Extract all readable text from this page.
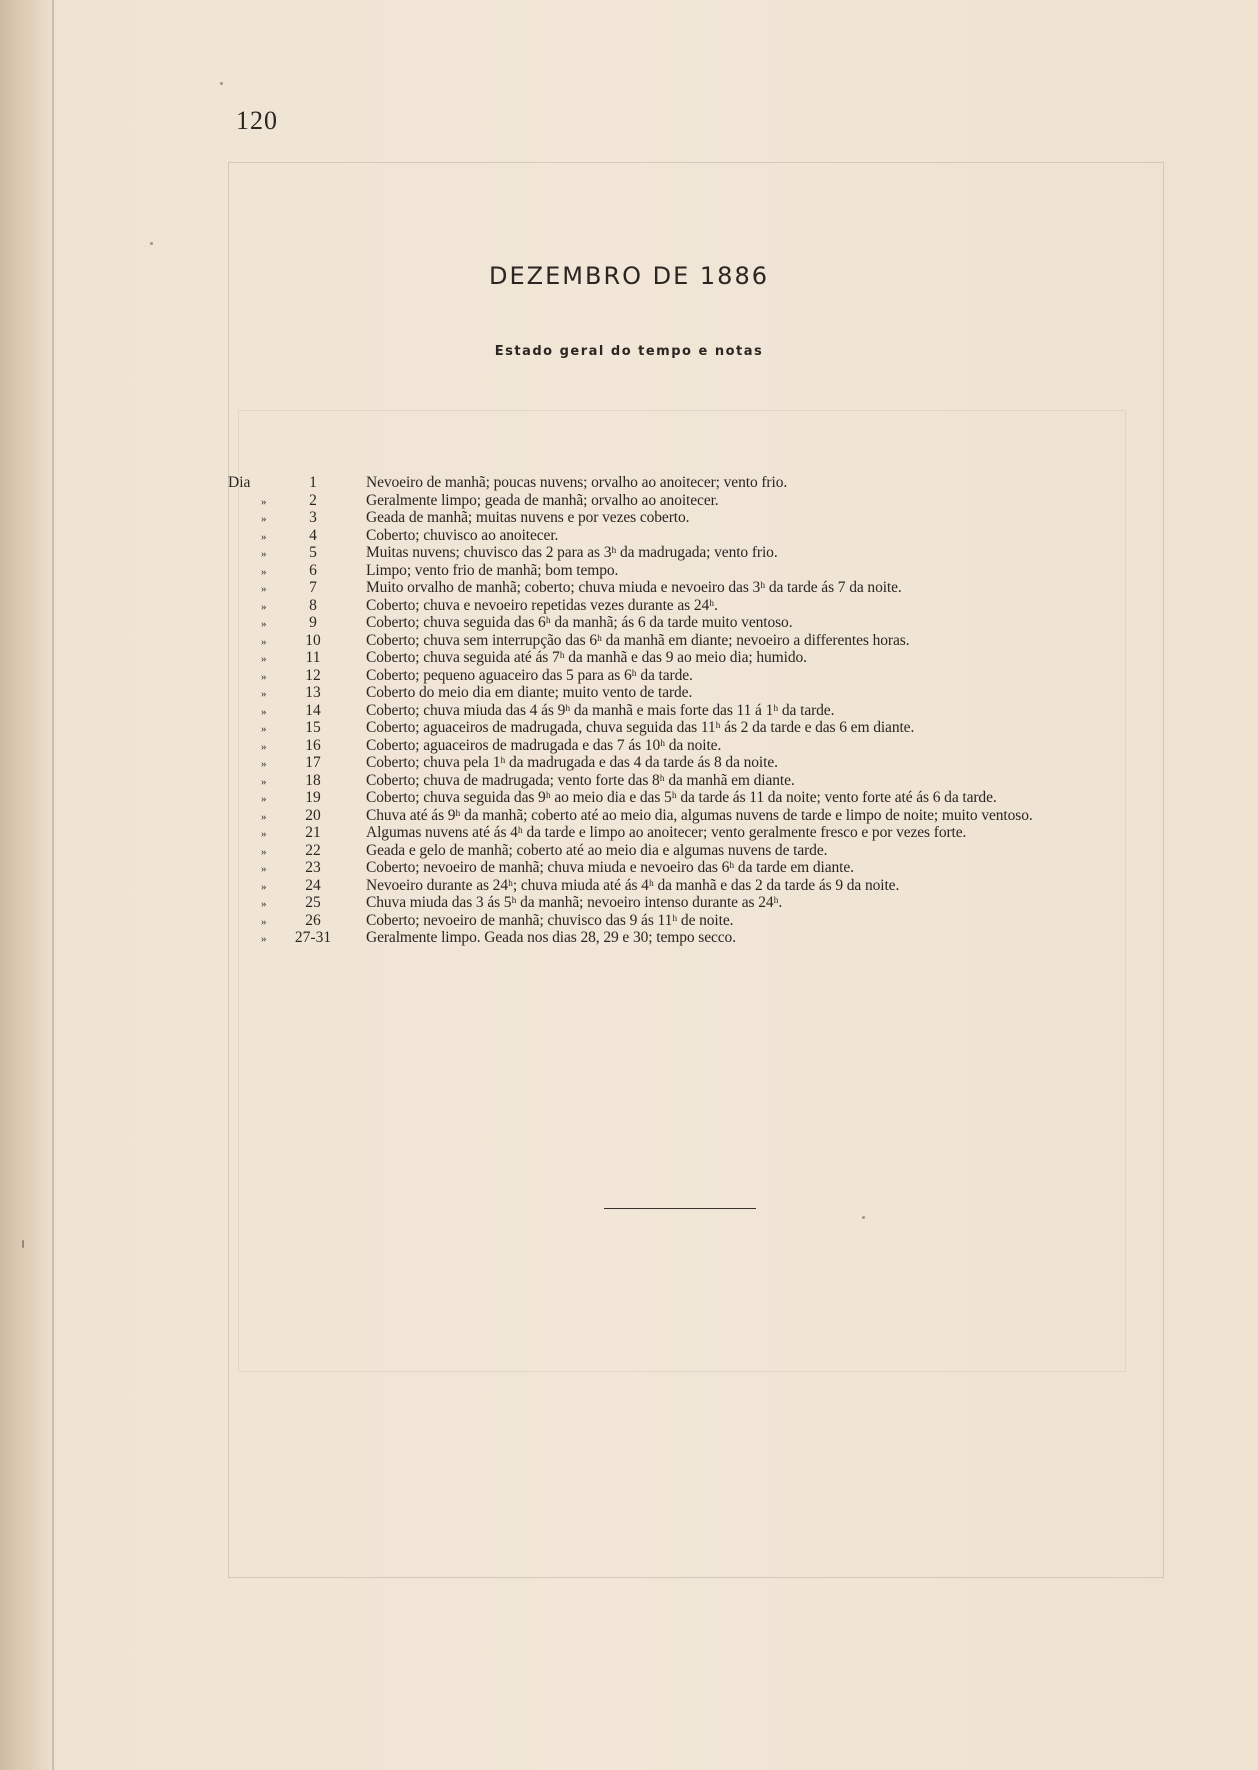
120
DEZEMBRO DE 1886
Estado geral do tempo e notas
Dia	1	Nevoeiro de manhã; poucas nuvens; orvalho ao anoitecer; vento frio.
»	2	Geralmente limpo; geada de manhã; orvalho ao anoitecer.
»	3	Geada de manhã; muitas nuvens e por vezes coberto.
»	4	Coberto; chuvisco ao anoitecer.
»	5	Muitas nuvens; chuvisco das 2 para as 3ʰ da madrugada; vento frio.
»	6	Limpo; vento frio de manhã; bom tempo.
»	7	Muito orvalho de manhã; coberto; chuva miuda e nevoeiro das 3ʰ da tarde ás 7 da noite.
»	8	Coberto; chuva e nevoeiro repetidas vezes durante as 24ʰ.
»	9	Coberto; chuva seguida das 6ʰ da manhã; ás 6 da tarde muito ventoso.
»	10	Coberto; chuva sem interrupção das 6ʰ da manhã em diante; nevoeiro a differentes horas.
»	11	Coberto; chuva seguida até ás 7ʰ da manhã e das 9 ao meio dia; humido.
»	12	Coberto; pequeno aguaceiro das 5 para as 6ʰ da tarde.
»	13	Coberto do meio dia em diante; muito vento de tarde.
»	14	Coberto; chuva miuda das 4 ás 9ʰ da manhã e mais forte das 11 á 1ʰ da tarde.
»	15	Coberto; aguaceiros de madrugada, chuva seguida das 11ʰ ás 2 da tarde e das 6 em diante.
»	16	Coberto; aguaceiros de madrugada e das 7 ás 10ʰ da noite.
»	17	Coberto; chuva pela 1ʰ da madrugada e das 4 da tarde ás 8 da noite.
»	18	Coberto; chuva de madrugada; vento forte das 8ʰ da manhã em diante.
»	19	Coberto; chuva seguida das 9ʰ ao meio dia e das 5ʰ da tarde ás 11 da noite; vento forte até ás 6 da tarde.
»	20	Chuva até ás 9ʰ da manhã; coberto até ao meio dia, algumas nuvens de tarde e limpo de noite; muito ventoso.
»	21	Algumas nuvens até ás 4ʰ da tarde e limpo ao anoitecer; vento geralmente fresco e por vezes forte.
»	22	Geada e gelo de manhã; coberto até ao meio dia e algumas nuvens de tarde.
»	23	Coberto; nevoeiro de manhã; chuva miuda e nevoeiro das 6ʰ da tarde em diante.
»	24	Nevoeiro durante as 24ʰ; chuva miuda até ás 4ʰ da manhã e das 2 da tarde ás 9 da noite.
»	25	Chuva miuda das 3 ás 5ʰ da manhã; nevoeiro intenso durante as 24ʰ.
»	26	Coberto; nevoeiro de manhã; chuvisco das 9 ás 11ʰ de noite.
»	27-31	Geralmente limpo. Geada nos dias 28, 29 e 30; tempo secco.
